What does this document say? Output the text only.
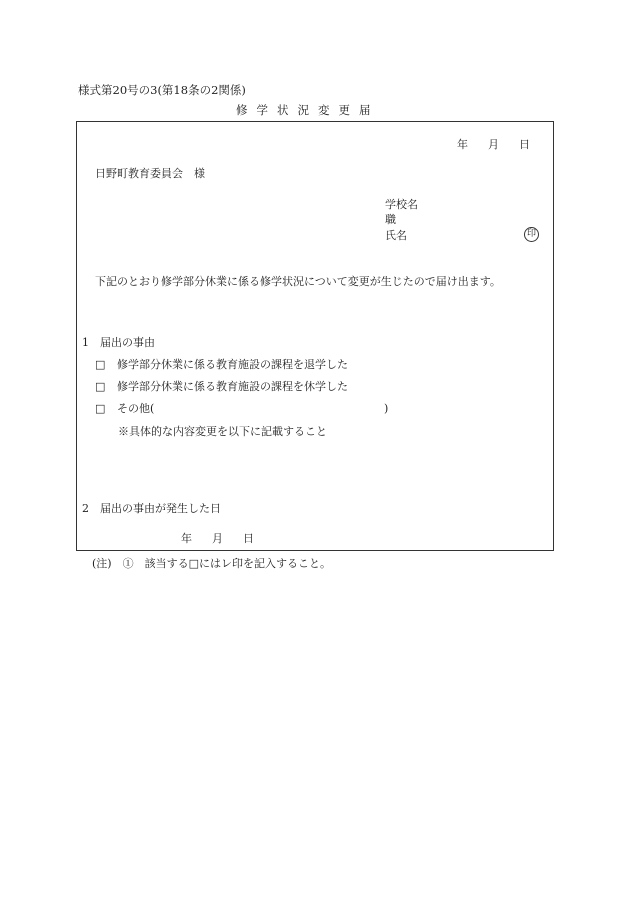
様式第20号の3(第18条の2関係)
修学状況変更届
年 月 日
日野町教育委員会　様
学校名
職
氏名	印
下記のとおり修学部分休業に係る修学状況について変更が生じたので届け出ます。
1　届出の事由
□ 修学部分休業に係る教育施設の課程を退学した
□ 修学部分休業に係る教育施設の課程を休学した
□ その他(	)
※具体的な内容変更を以下に記載すること
2　届出の事由が発生した日
年 月 日
(注)　①　該当する□にはレ印を記入すること。
